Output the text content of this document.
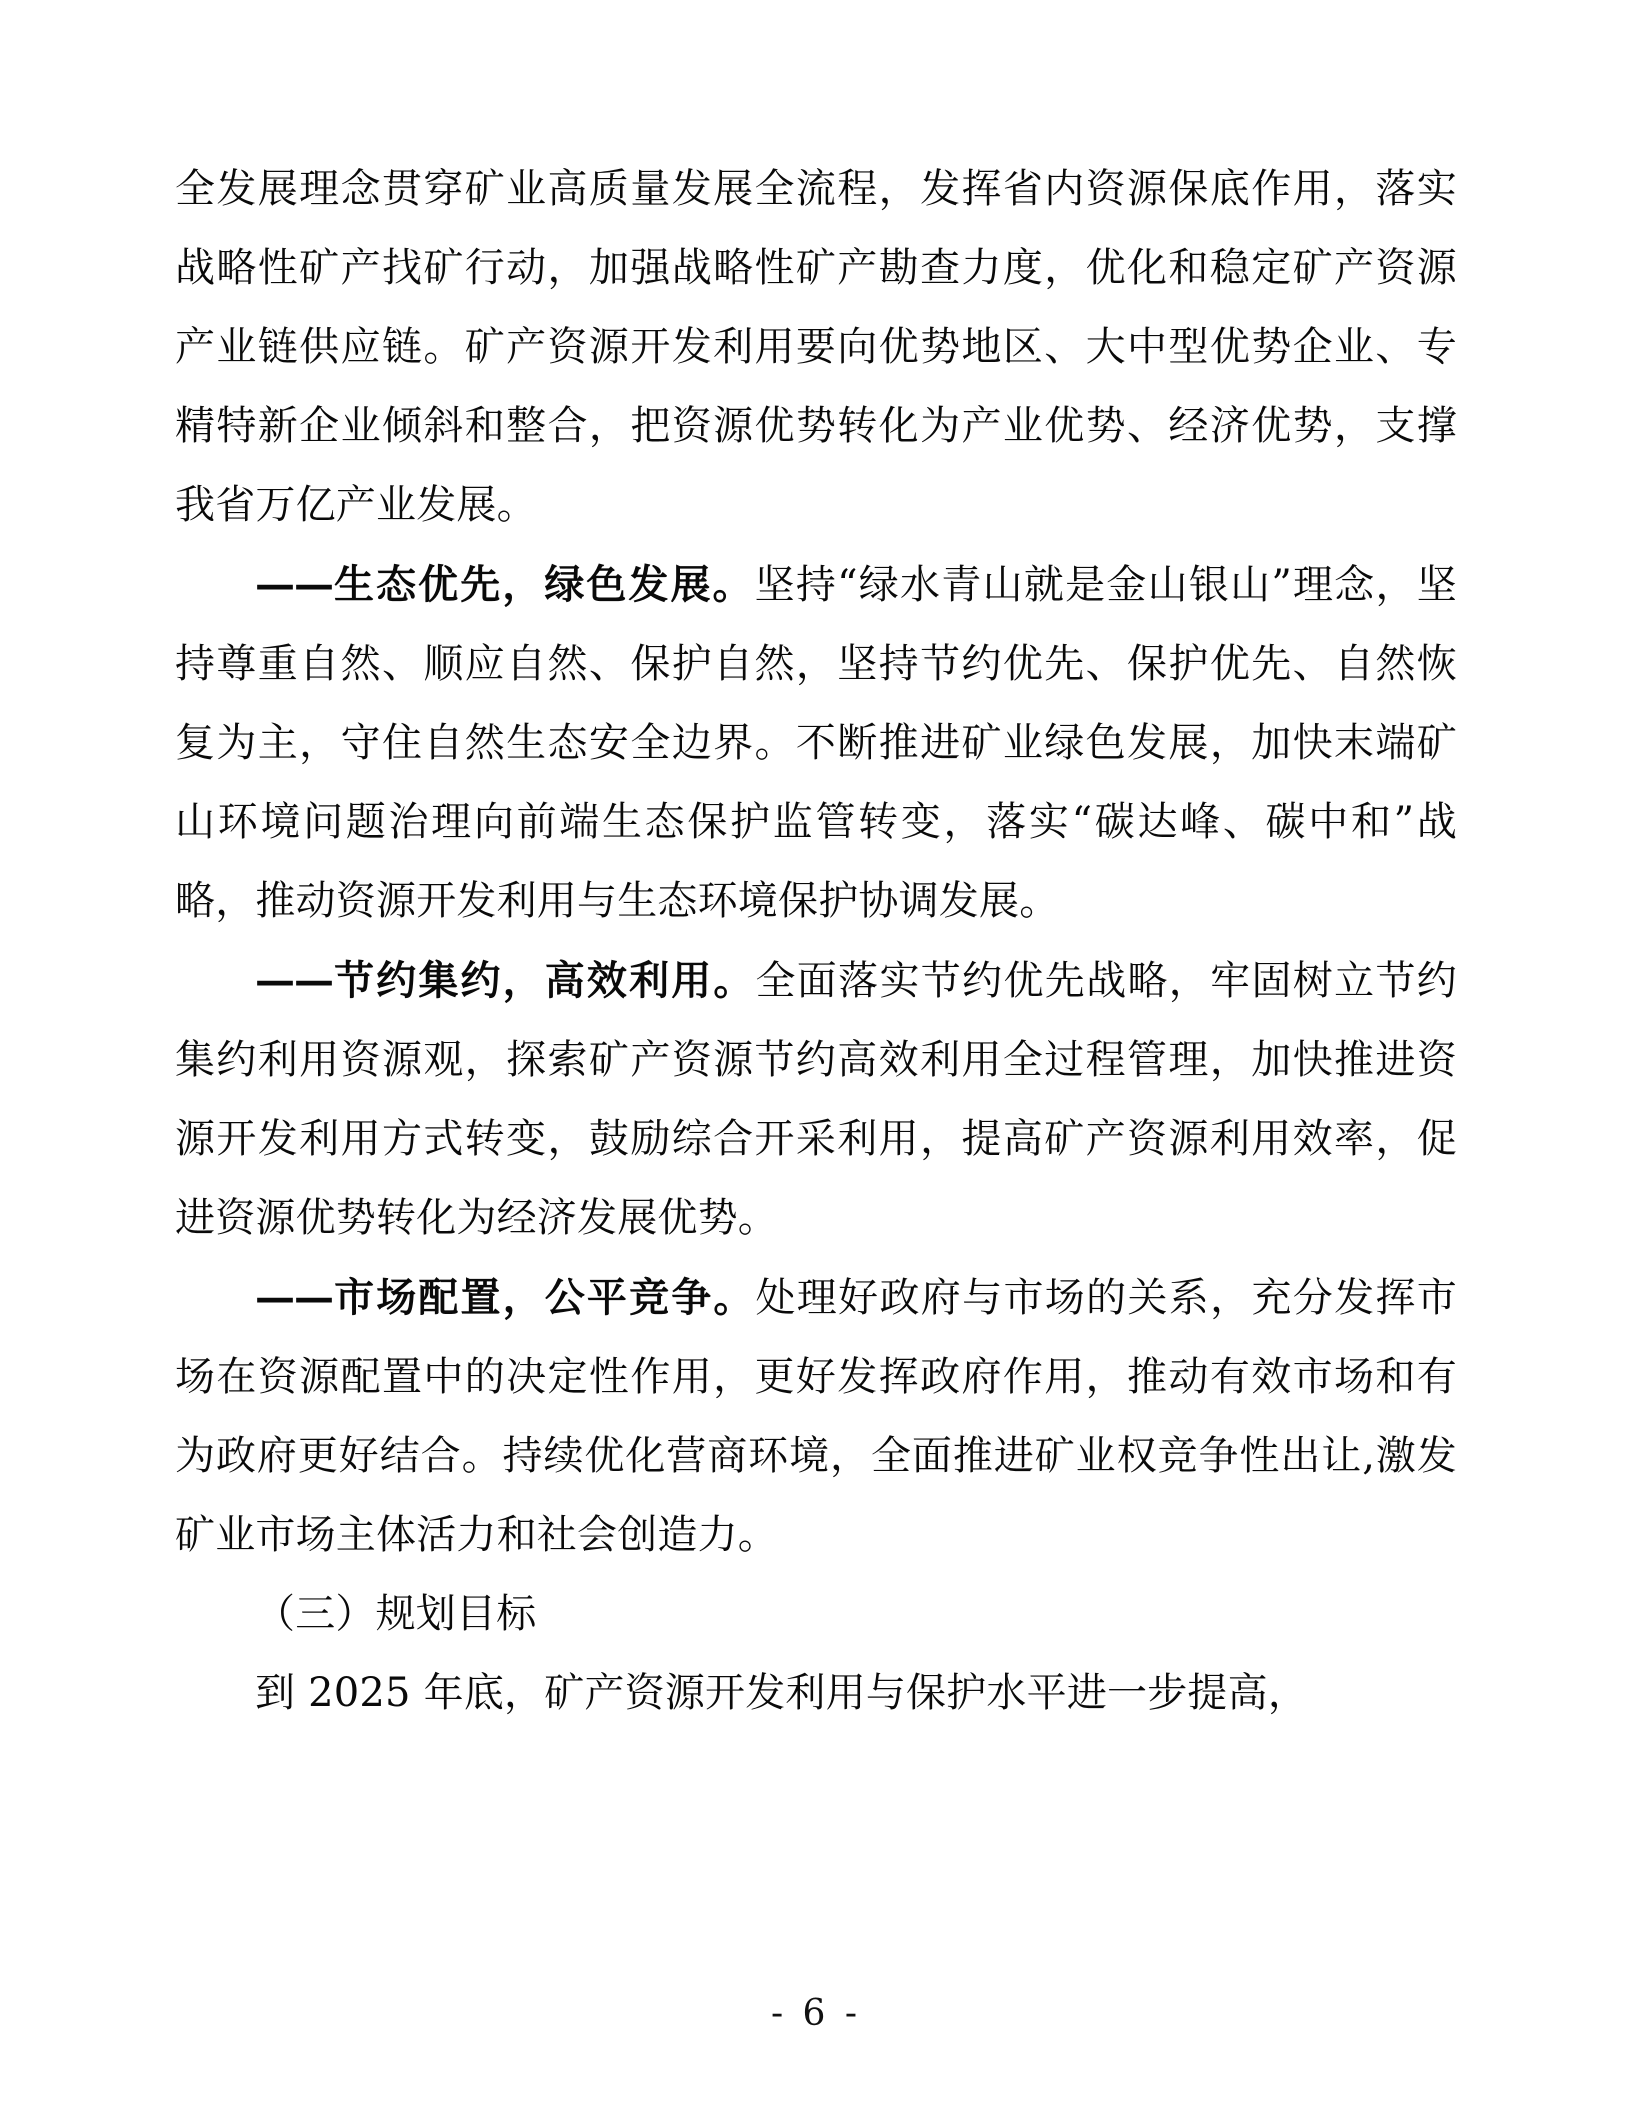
全发展理念贯穿矿业高质量发展全流程，发挥省内资源保底作用，落实战略性矿产找矿行动，加强战略性矿产勘查力度，优化和稳定矿产资源产业链供应链。矿产资源开发利用要向优势地区、大中型优势企业、专精特新企业倾斜和整合，把资源优势转化为产业优势、经济优势，支撑我省万亿产业发展。

——生态优先，绿色发展。坚持“绿水青山就是金山银山”理念，坚持尊重自然、顺应自然、保护自然，坚持节约优先、保护优先、自然恢复为主，守住自然生态安全边界。不断推进矿业绿色发展，加快末端矿山环境问题治理向前端生态保护监管转变，落实“碳达峰、碳中和”战略，推动资源开发利用与生态环境保护协调发展。

——节约集约，高效利用。全面落实节约优先战略，牢固树立节约集约利用资源观，探索矿产资源节约高效利用全过程管理，加快推进资源开发利用方式转变，鼓励综合开采利用，提高矿产资源利用效率，促进资源优势转化为经济发展优势。

——市场配置，公平竞争。处理好政府与市场的关系，充分发挥市场在资源配置中的决定性作用，更好发挥政府作用，推动有效市场和有为政府更好结合。持续优化营商环境，全面推进矿业权竞争性出让,激发矿业市场主体活力和社会创造力。

（三）规划目标

到 2025 年底，矿产资源开发利用与保护水平进一步提高，

- 6 -
